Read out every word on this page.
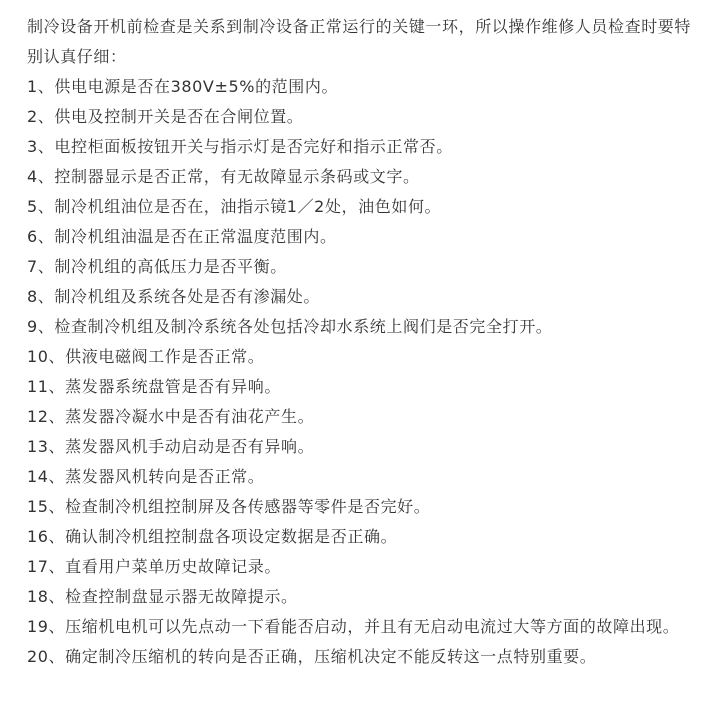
制冷设备开机前检查是关系到制冷设备正常运行的关键一环，所以操作维修人员检查时要特别认真仔细：

1、供电电源是否在380V±5%的范围内。
2、供电及控制开关是否在合闸位置。
3、电控柜面板按钮开关与指示灯是否完好和指示正常否。
4、控制器显示是否正常，有无故障显示条码或文字。
5、制冷机组油位是否在，油指示镜1／2处，油色如何。
6、制冷机组油温是否在正常温度范围内。
7、制冷机组的高低压力是否平衡。
8、制冷机组及系统各处是否有渗漏处。
9、检查制冷机组及制冷系统各处包括冷却水系统上阀们是否完全打开。
10、供液电磁阀工作是否正常。
11、蒸发器系统盘管是否有异响。
12、蒸发器冷凝水中是否有油花产生。
13、蒸发器风机手动启动是否有异响。
14、蒸发器风机转向是否正常。
15、检查制冷机组控制屏及各传感器等零件是否完好。
16、确认制冷机组控制盘各项设定数据是否正确。
17、直看用户菜单历史故障记录。
18、检查控制盘显示器无故障提示。
19、压缩机电机可以先点动一下看能否启动，并且有无启动电流过大等方面的故障出现。
20、确定制冷压缩机的转向是否正确，压缩机决定不能反转这一点特别重要。
